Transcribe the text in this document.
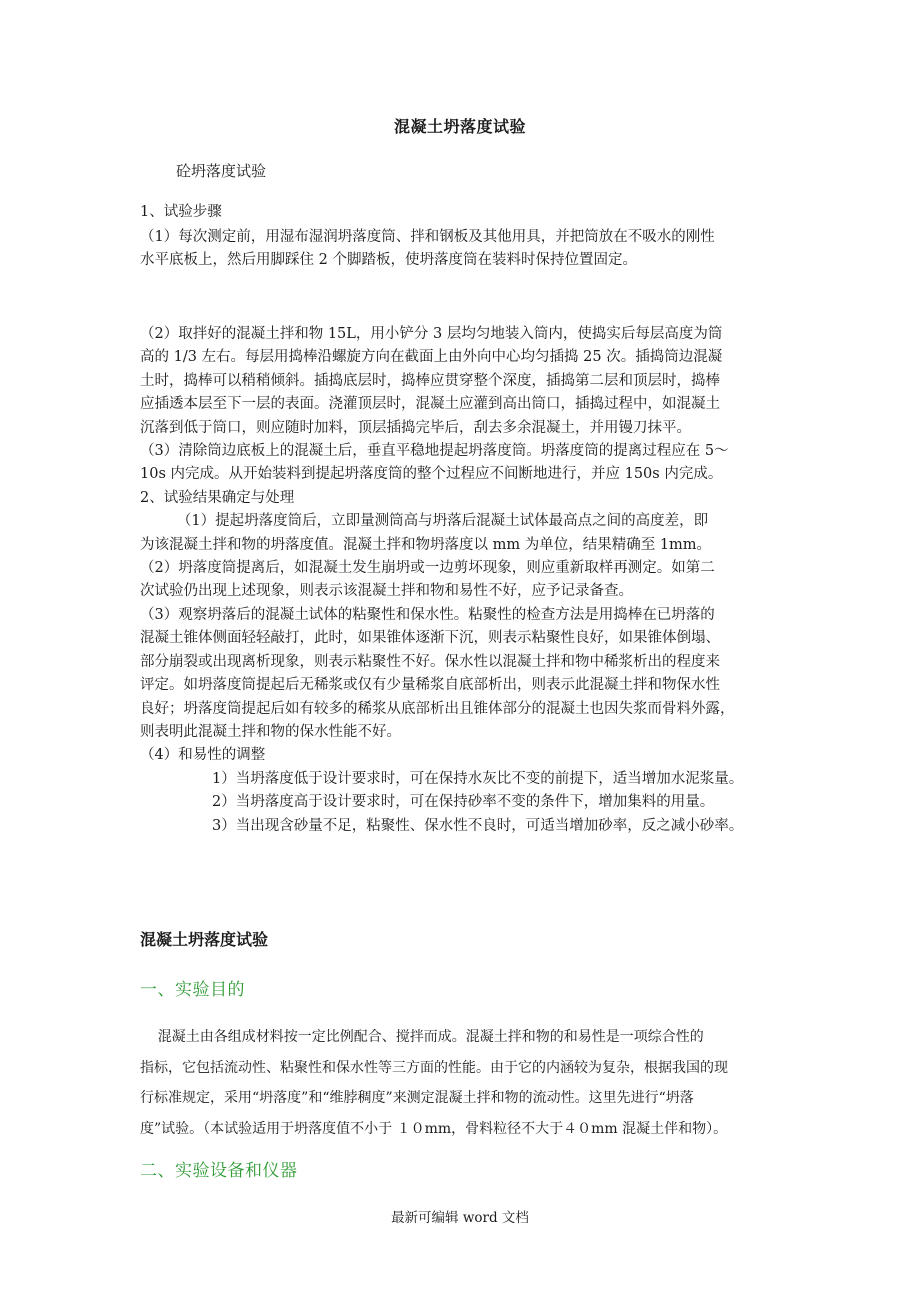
混凝土坍落度试验
砼坍落度试验
1、试验步骤
（1）每次测定前，用湿布湿润坍落度筒、拌和钢板及其他用具，并把筒放在不吸水的刚性
水平底板上，然后用脚踩住 2 个脚踏板，使坍落度筒在装料时保持位置固定。
（2）取拌好的混凝土拌和物 15L，用小铲分 3 层均匀地装入筒内，使捣实后每层高度为筒
高的 1/3 左右。每层用捣棒沿螺旋方向在截面上由外向中心均匀插捣 25 次。插捣筒边混凝
土时，捣棒可以稍稍倾斜。插捣底层时，捣棒应贯穿整个深度，插捣第二层和顶层时，捣棒
应插透本层至下一层的表面。浇灌顶层时，混凝土应灌到高出筒口，插捣过程中，如混凝土
沉落到低于筒口，则应随时加料，顶层插捣完毕后，刮去多余混凝土，并用镘刀抹平。
（3）清除筒边底板上的混凝土后，垂直平稳地提起坍落度筒。坍落度筒的提离过程应在 5～
10s 内完成。从开始装料到提起坍落度筒的整个过程应不间断地进行，并应 150s 内完成。
2、试验结果确定与处理
（1）提起坍落度筒后，立即量测筒高与坍落后混凝土试体最高点之间的高度差，即
为该混凝土拌和物的坍落度值。混凝土拌和物坍落度以 mm 为单位，结果精确至 1mm。
（2）坍落度筒提离后，如混凝土发生崩坍或一边剪坏现象，则应重新取样再测定。如第二
次试验仍出现上述现象，则表示该混凝土拌和物和易性不好，应予记录备查。
（3）观察坍落后的混凝土试体的粘聚性和保水性。粘聚性的检查方法是用捣棒在已坍落的
混凝土锥体侧面轻轻敲打，此时，如果锥体逐渐下沉，则表示粘聚性良好，如果锥体倒塌、
部分崩裂或出现离析现象，则表示粘聚性不好。保水性以混凝土拌和物中稀浆析出的程度来
评定。如坍落度筒提起后无稀浆或仅有少量稀浆自底部析出，则表示此混凝土拌和物保水性
良好；坍落度筒提起后如有较多的稀浆从底部析出且锥体部分的混凝土也因失浆而骨料外露，
则表明此混凝土拌和物的保水性能不好。
（4）和易性的调整
1）当坍落度低于设计要求时，可在保持水灰比不变的前提下，适当增加水泥浆量。
2）当坍落度高于设计要求时，可在保持砂率不变的条件下，增加集料的用量。
3）当出现含砂量不足，粘聚性、保水性不良时，可适当增加砂率，反之减小砂率。
混凝土坍落度试验
一、实验目的
混凝土由各组成材料按一定比例配合、搅拌而成。混凝土拌和物的和易性是一项综合性的
指标，它包括流动性、粘聚性和保水性等三方面的性能。由于它的内涵较为复杂，根据我国的现
行标准规定，采用“坍落度”和“维脖稠度”来测定混凝土拌和物的流动性。这里先进行“坍落
度”试验。（本试验适用于坍落度值不小于 １０mm，骨料粒径不大于４０mm 混凝土伴和物）。
二、实验设备和仪器
最新可编辑 word 文档
